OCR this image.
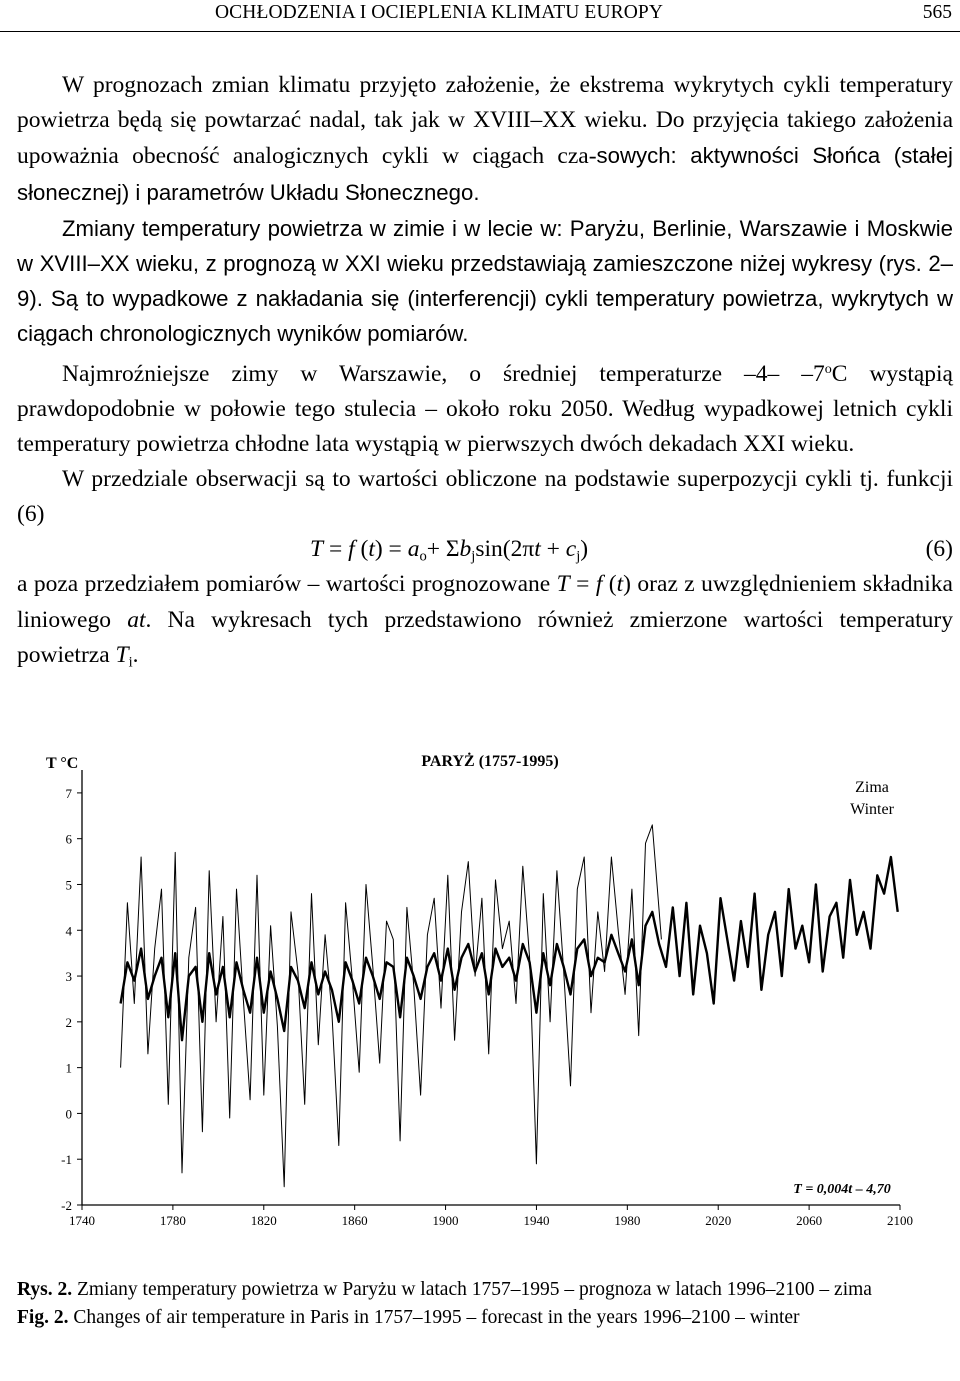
OCHŁODZENIA I OCIEPLENIA KLIMATU EUROPY	565

W prognozach zmian klimatu przyjęto założenie, że ekstrema wykrytych cykli temperatury powietrza będą się powtarzać nadal, tak jak w XVIII–XX wieku. Do przyjęcia takiego założenia upoważnia obecność analogicznych cykli w ciągach cza-sowych: aktywności Słońca (stałej słonecznej) i parametrów Układu Słonecznego.

Zmiany temperatury powietrza w zimie i w lecie w: Paryżu, Berlinie, Warszawie i Moskwie w XVIII–XX wieku, z prognozą w XXI wieku przedstawiają zamieszczone niżej wykresy (rys. 2–9). Są to wypadkowe z nakładania się (interferencji) cykli temperatury powietrza, wykrytych w ciągach chronologicznych wyników pomiarów.

Najmroźniejsze zimy w Warszawie, o średniej temperaturze –4– –7$^o$C wystąpią prawdopodobnie w połowie tego stulecia – około roku 2050. Według wypadkowej letnich cykli temperatury powietrza chłodne lata wystąpią w pierwszych dwóch dekadach XXI wieku.

W przedziale obserwacji są to wartości obliczone na podstawie superpozycji cykli tj. funkcji (6)

T = f $(t) = a_o+ \Sigma b_j\sin(2\pi t + c_j)$	(6)

a poza przedziałem pomiarów – wartości prognozowane T = f (t) oraz z uwzględnieniem składnika liniowego at. Na wykresach tych przedstawiono również zmierzone wartości temperatury powietrza $T_i$.

-2
-1
0
1
2
3
4
5
6
7
1740	1780	1820	1860	1900	1940	1980	2020	2060	2100
PARYŻ (1757-1995)
T °C
Zima
Winter
T = 0,004t – 4,70

Rys. 2. Zmiany temperatury powietrza w Paryżu w latach 1757–1995 – prognoza w latach 1996–2100 – zima

Fig. 2. Changes of air temperature in Paris in 1757–1995 – forecast in the years 1996–2100 – winter
